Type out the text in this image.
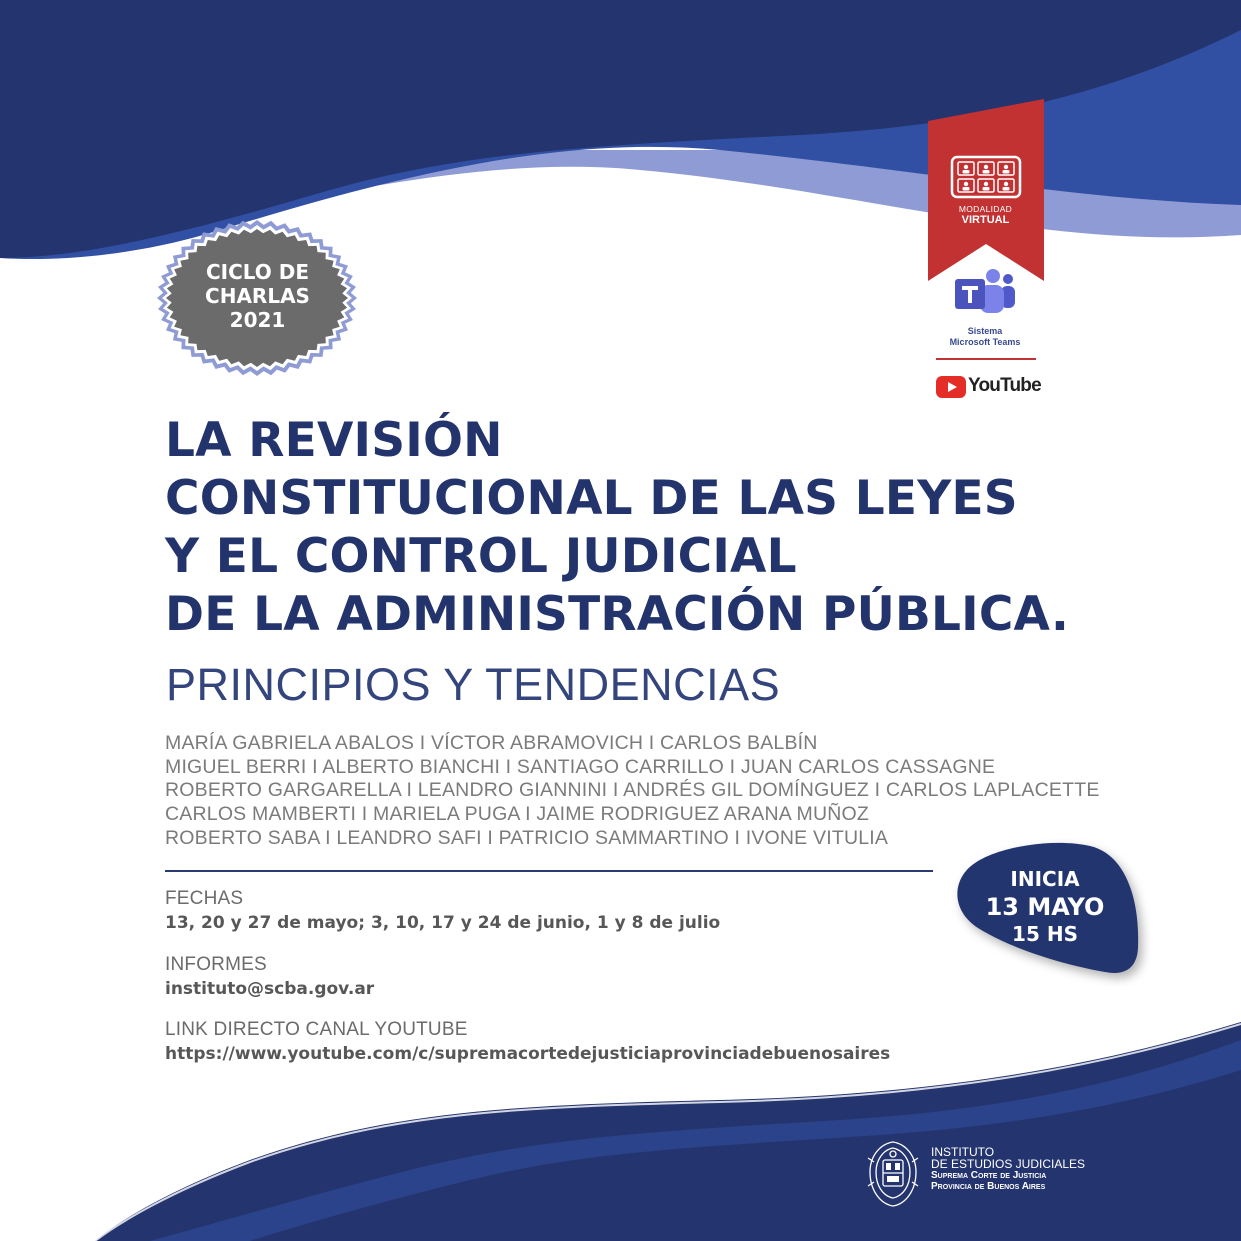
CICLO DE
CHARLAS
2021
MODALIDAD
VIRTUAL
Sistema
Microsoft Teams
YouTube
LA REVISIÓN
CONSTITUCIONAL DE LAS LEYES
Y EL CONTROL JUDICIAL
DE LA ADMINISTRACIÓN PÚBLICA.
PRINCIPIOS Y TENDENCIAS
MARÍA GABRIELA ABALOS I VÍCTOR ABRAMOVICH I CARLOS BALBÍN
MIGUEL BERRI I ALBERTO BIANCHI I SANTIAGO CARRILLO I JUAN CARLOS CASSAGNE
ROBERTO GARGARELLA I LEANDRO GIANNINI I ANDRÉS GIL DOMÍNGUEZ I CARLOS LAPLACETTE
CARLOS MAMBERTI I MARIELA PUGA I JAIME RODRIGUEZ ARANA MUÑOZ
ROBERTO SABA I LEANDRO SAFI I PATRICIO SAMMARTINO I IVONE VITULIA
FECHAS
13, 20 y 27 de mayo; 3, 10, 17 y 24 de junio, 1 y 8 de julio
INFORMES
instituto@scba.gov.ar
LINK DIRECTO CANAL YOUTUBE
https://www.youtube.com/c/supremacortedejusticiaprovinciadebuenosaires
INICIA
13 MAYO
15 HS
INSTITUTO
DE ESTUDIOS JUDICIALES
Suprema Corte de Justicia
Provincia de Buenos Aires
